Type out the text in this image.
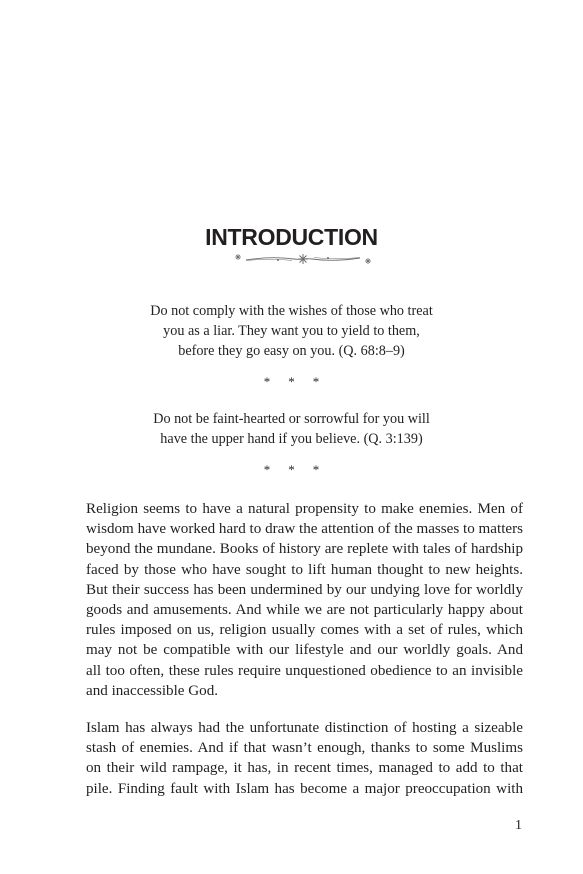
INTRODUCTION

Do not comply with the wishes of those who treat
you as a liar. They want you to yield to them,
before they go easy on you. (Q. 68:8–9)

* * *

Do not be faint-hearted or sorrowful for you will
have the upper hand if you believe. (Q. 3:139)

* * *

Religion seems to have a natural propensity to make enemies. Men of
wisdom have worked hard to draw the attention of the masses to matters
beyond the mundane. Books of history are replete with tales of hardship
faced by those who have sought to lift human thought to new heights.
But their success has been undermined by our undying love for worldly
goods and amusements. And while we are not particularly happy about
rules imposed on us, religion usually comes with a set of rules, which
may not be compatible with our lifestyle and our worldly goals. And
all too often, these rules require unquestioned obedience to an invisible
and inaccessible God.
Islam has always had the unfortunate distinction of hosting a sizeable
stash of enemies. And if that wasn’t enough, thanks to some Muslims
on their wild rampage, it has, in recent times, managed to add to that
pile. Finding fault with Islam has become a major preoccupation with

1
